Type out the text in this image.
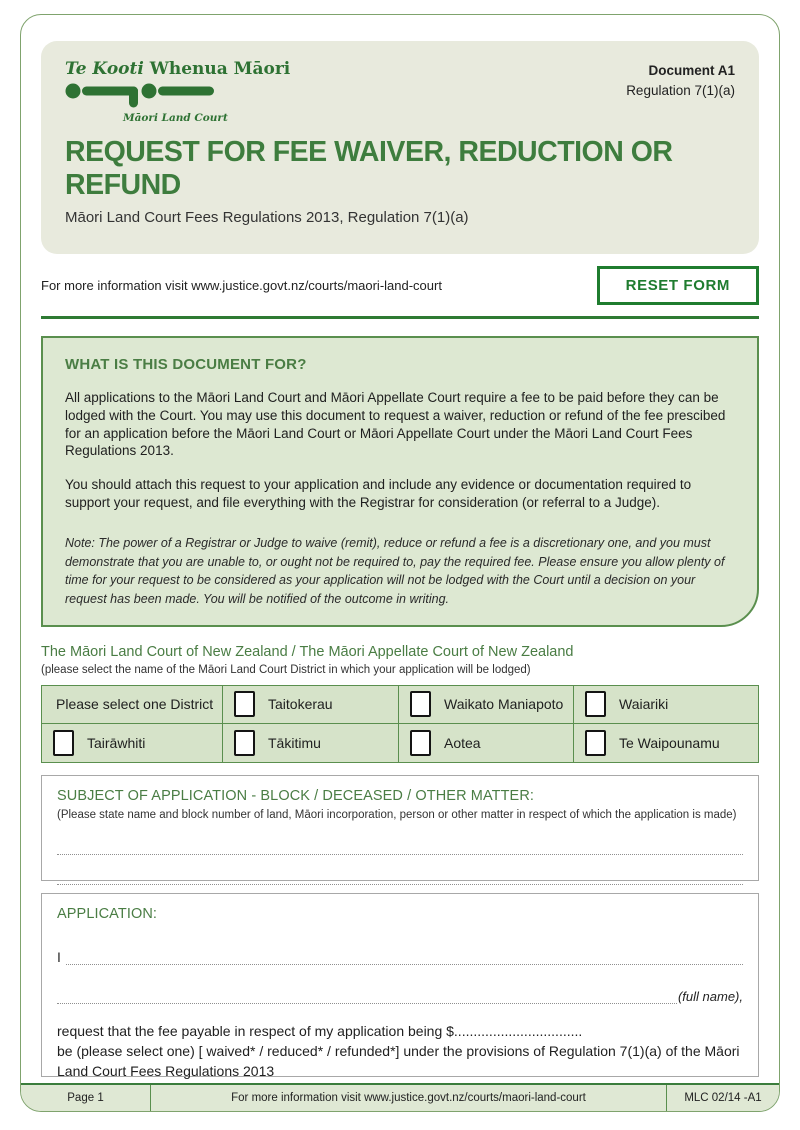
Te Kooti Whenua Māori
Māori Land Court
Document A1
Regulation 7(1)(a)
REQUEST FOR FEE WAIVER, REDUCTION OR REFUND
Māori Land Court Fees Regulations 2013, Regulation 7(1)(a)
For more information visit www.justice.govt.nz/courts/maori-land-court	RESET FORM
WHAT IS THIS DOCUMENT FOR?

All applications to the Māori Land Court and Māori Appellate Court require a fee to be paid before they can be lodged with the Court. You may use this document to request a waiver, reduction or refund of the fee prescibed for an application before the Māori Land Court or Māori Appellate Court under the Māori Land Court Fees Regulations 2013.

You should attach this request to your application and include any evidence or documentation required to support your request, and file everything with the Registrar for consideration (or referral to a Judge).

Note: The power of a Registrar or Judge to waive (remit), reduce or refund a fee is a discretionary one, and you must demonstrate that you are unable to, or ought not be required to, pay the required fee. Please ensure you allow plenty of time for your request to be considered as your application will not be lodged with the Court until a decision on your request has been made. You will be notified of the outcome in writing.

The Māori Land Court of New Zealand / The Māori Appellate Court of New Zealand
(please select the name of the Māori Land Court District in which your application will be lodged)
Please select one District	Taitokerau	Waikato Maniapoto	Waiariki
Tairāwhiti	Tākitimu	Aotea	Te Waipounamu
SUBJECT OF APPLICATION - BLOCK / DECEASED / OTHER MATTER:
(Please state name and block number of land, Māori incorporation, person or other matter in respect of which the application is made)
APPLICATION:
I
(full name),
request that the fee payable in respect of my application being $.................................
be (please select one) [ waived* / reduced* / refunded*] under the provisions of Regulation 7(1)(a) of the Māori Land Court Fees Regulations 2013
Page 1	For more information visit www.justice.govt.nz/courts/maori-land-court	MLC 02/14 -A1
